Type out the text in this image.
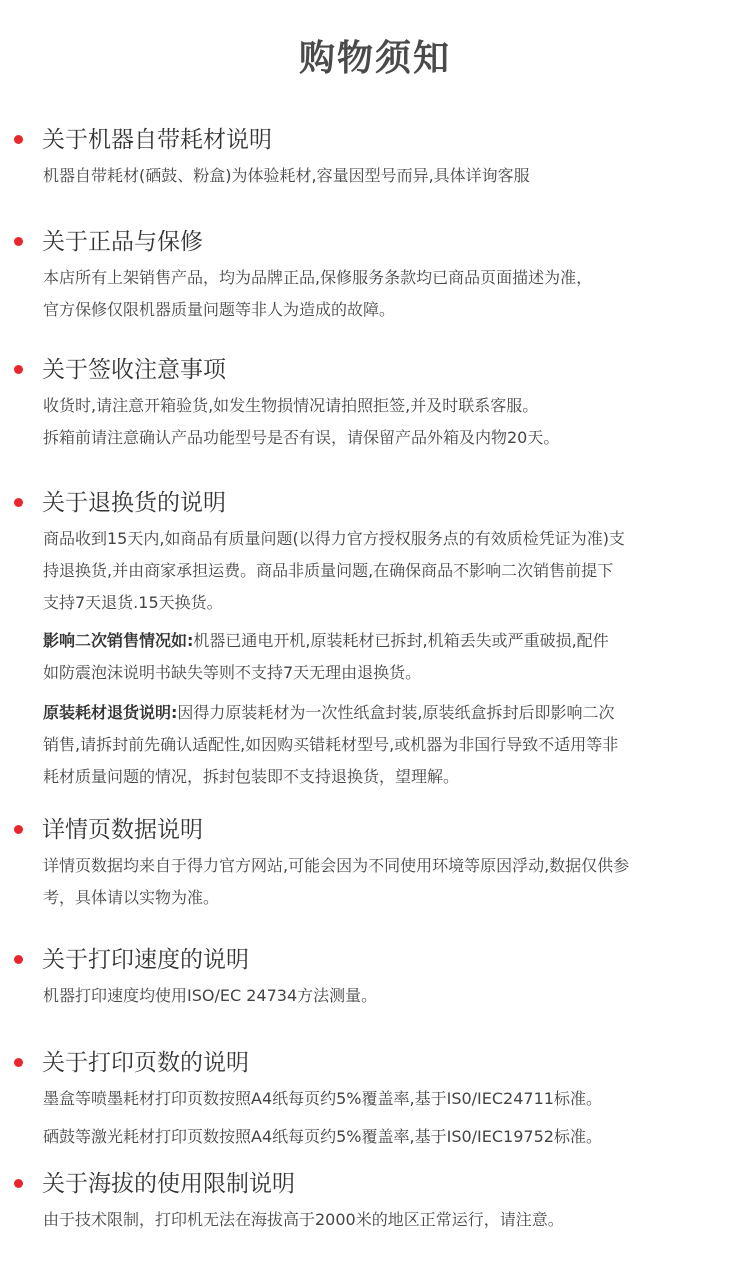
购物须知
关于机器自带耗材说明
机器自带耗材(硒鼓、粉盒)为体验耗材,容量因型号而异,具体详询客服
关于正品与保修
本店所有上架销售产品，均为品牌正品,保修服务条款均已商品页面描述为准，
官方保修仅限机器质量问题等非人为造成的故障。
关于签收注意事项
收货时,请注意开箱验货,如发生物损情况请拍照拒签,并及时联系客服。
拆箱前请注意确认产品功能型号是否有误，请保留产品外箱及内物20天。
关于退换货的说明
商品收到15天内,如商品有质量问题(以得力官方授权服务点的有效质检凭证为准)支
持退换货,并由商家承担运费。商品非质量问题,在确保商品不影响二次销售前提下
支持7天退货.15天换货。
影响二次销售情况如:机器已通电开机,原装耗材已拆封,机箱丢失或严重破损,配件
如防震泡沫说明书缺失等则不支持7天无理由退换货。
原装耗材退货说明:因得力原装耗材为一次性纸盒封装,原装纸盒拆封后即影响二次
销售,请拆封前先确认适配性,如因购买错耗材型号,或机器为非国行导致不适用等非
耗材质量问题的情况，拆封包装即不支持退换货，望理解。
详情页数据说明
详情页数据均来自于得力官方网站,可能会因为不同使用环境等原因浮动,数据仅供参
考，具体请以实物为准。
关于打印速度的说明
机器打印速度均使用ISO/EC 24734方法测量。
关于打印页数的说明
墨盒等喷墨耗材打印页数按照A4纸每页约5%覆盖率,基于IS0/IEC24711标准。
硒鼓等激光耗材打印页数按照A4纸每页约5%覆盖率,基于IS0/IEC19752标准。
关于海拔的使用限制说明
由于技术限制，打印机无法在海拔高于2000米的地区正常运行，请注意。
